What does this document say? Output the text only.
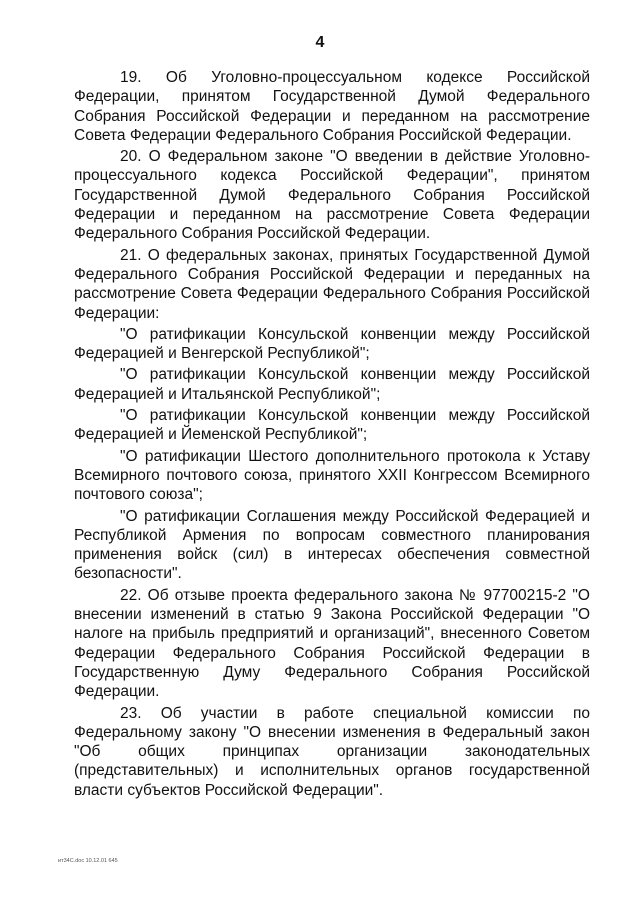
4

19. Об Уголовно-процессуальном кодексе Российской Федерации, принятом Государственной Думой Федерального Собрания Российской Федерации и переданном на рассмотрение Совета Федерации Федерального Собрания Российской Федерации.

20. О Федеральном законе "О введении в действие Уголовно-процессуального кодекса Российской Федерации", принятом Государственной Думой Федерального Собрания Российской Федерации и переданном на рассмотрение Совета Федерации Федерального Собрания Российской Федерации.

21. О федеральных законах, принятых Государственной Думой Федерального Собрания Российской Федерации и переданных на рассмотрение Совета Федерации Федерального Собрания Российской Федерации:

"О ратификации Консульской конвенции между Российской Федерацией и Венгерской Республикой";

"О ратификации Консульской конвенции между Российской Федерацией и Итальянской Республикой";

"О ратификации Консульской конвенции между Российской Федерацией и Йеменской Республикой";

"О ратификации Шестого дополнительного протокола к Уставу Всемирного почтового союза, принятого XXII Конгрессом Всемирного почтового союза";

"О ратификации Соглашения между Российской Федерацией и Республикой Армения по вопросам совместного планирования применения войск (сил) в интересах обеспечения совместной безопасности".

22. Об отзыве проекта федерального закона № 97700215-2 "О внесении изменений в статью 9 Закона Российской Федерации "О налоге на прибыль предприятий и организаций", внесенного Советом Федерации Федерального Собрания Российской Федерации в Государственную Думу Федерального Собрания Российской Федерации.

23. Об участии в работе специальной комиссии по Федеральному закону "О внесении изменения в Федеральный закон "Об общих принципах организации законодательных (представительных) и исполнительных органов государственной власти субъектов Российской Федерации".

ит34С.doc 10.12.01 645
